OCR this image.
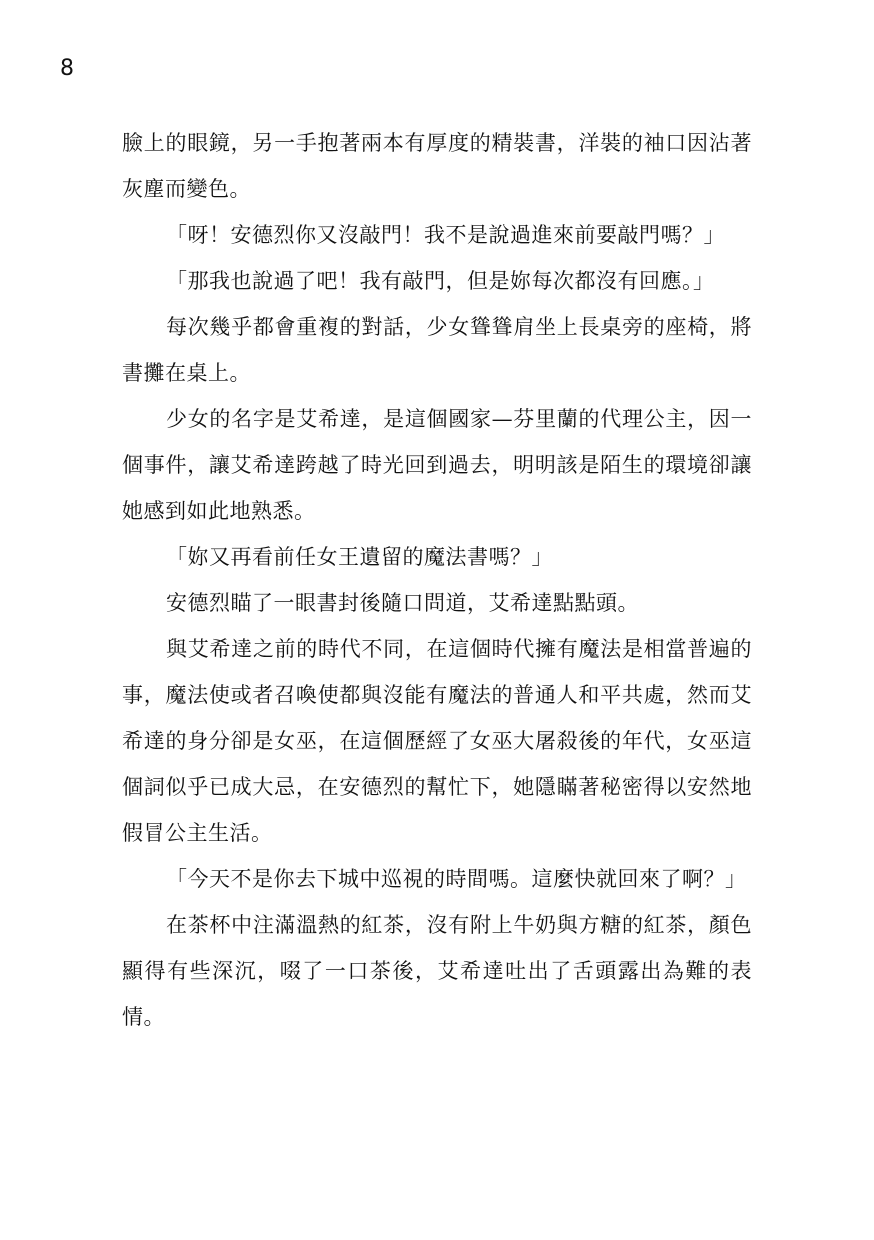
8

臉上的眼鏡，另一手抱著兩本有厚度的精裝書，洋裝的袖口因沾著灰塵而變色。

「呀！安德烈你又沒敲門！我不是說過進來前要敲門嗎？」

「那我也說過了吧！我有敲門，但是妳每次都沒有回應。」

每次幾乎都會重複的對話，少女聳聳肩坐上長桌旁的座椅，將書攤在桌上。

少女的名字是艾希達，是這個國家—芬里蘭的代理公主，因一個事件，讓艾希達跨越了時光回到過去，明明該是陌生的環境卻讓她感到如此地熟悉。

「妳又再看前任女王遺留的魔法書嗎？」

安德烈瞄了一眼書封後隨口問道，艾希達點點頭。

與艾希達之前的時代不同，在這個時代擁有魔法是相當普遍的事，魔法使或者召喚使都與沒能有魔法的普通人和平共處，然而艾希達的身分卻是女巫，在這個歷經了女巫大屠殺後的年代，女巫這個詞似乎已成大忌，在安德烈的幫忙下，她隱瞞著秘密得以安然地假冒公主生活。

「今天不是你去下城中巡視的時間嗎。這麼快就回來了啊？」

在茶杯中注滿溫熱的紅茶，沒有附上牛奶與方糖的紅茶，顏色顯得有些深沉，啜了一口茶後，艾希達吐出了舌頭露出為難的表情。
